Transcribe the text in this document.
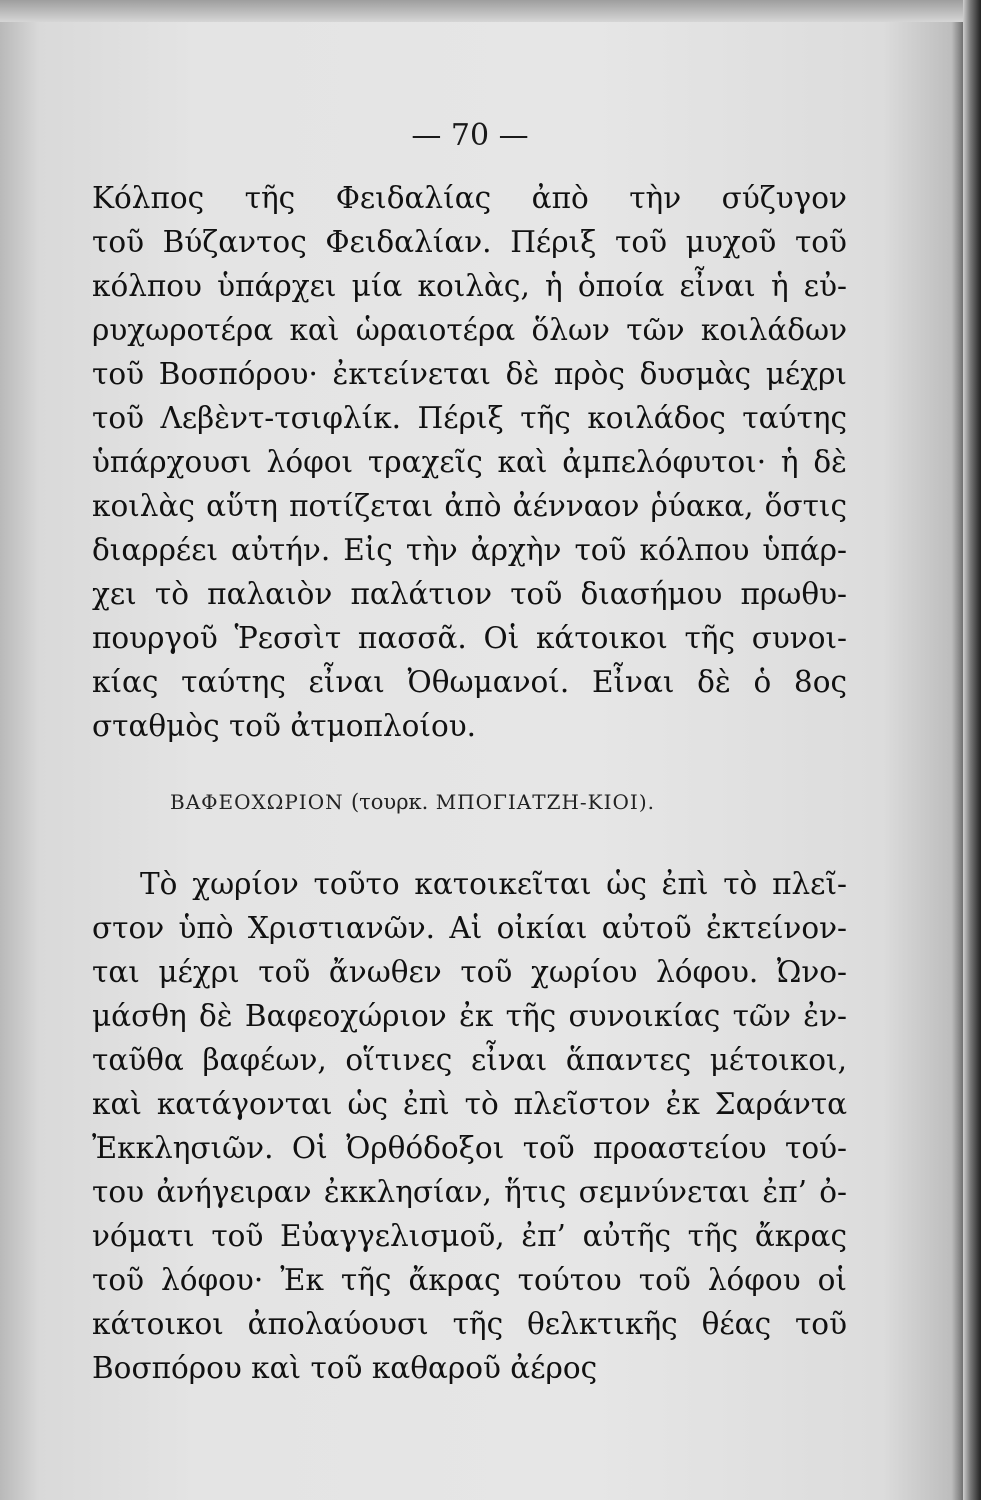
— 70 —
Κόλπος τῆς Φειδαλίας ἀπὸ τὴν σύζυγον
τοῦ Βύζαντος Φειδαλίαν. Πέριξ τοῦ μυχοῦ τοῦ
κόλπου ὑπάρχει μία κοιλὰς, ἡ ὁποία εἶναι ἡ εὐ-
ρυχωροτέρα καὶ ὡραιοτέρα ὅλων τῶν κοιλάδων
τοῦ Βοσπόρου· ἐκτείνεται δὲ πρὸς δυσμὰς μέχρι
τοῦ Λεβὲντ-τσιφλίκ. Πέριξ τῆς κοιλάδος ταύτης
ὑπάρχουσι λόφοι τραχεῖς καὶ ἀμπελόφυτοι· ἡ δὲ
κοιλὰς αὕτη ποτίζεται ἀπὸ ἀένναον ῥύακα, ὅστις
διαρρέει αὐτήν. Εἰς τὴν ἀρχὴν τοῦ κόλπου ὑπάρ-
χει τὸ παλαιὸν παλάτιον τοῦ διασήμου πρωθυ-
πουργοῦ Ῥεσσὶτ πασσᾶ. Οἱ κάτοικοι τῆς συνοι-
κίας ταύτης εἶναι Ὀθωμανοί. Εἶναι δὲ ὁ 8ος
σταθμὸς τοῦ ἀτμοπλοίου.
ΒΑΦΕΟΧΩΡΙΟΝ (τουρκ. ΜΠΟΓΙΑΤΖΗ-ΚΙΟΙ).
Τὸ χωρίον τοῦτο κατοικεῖται ὡς ἐπὶ τὸ πλεῖ-
στον ὑπὸ Χριστιανῶν. Αἱ οἰκίαι αὐτοῦ ἐκτείνον-
ται μέχρι τοῦ ἄνωθεν τοῦ χωρίου λόφου. Ὠνο-
μάσθη δὲ Βαφεοχώριον ἐκ τῆς συνοικίας τῶν ἐν-
ταῦθα βαφέων, οἵτινες εἶναι ἅπαντες μέτοικοι,
καὶ κατάγονται ὡς ἐπὶ τὸ πλεῖστον ἐκ Σαράντα
Ἐκκλησιῶν. Οἱ Ὀρθόδοξοι τοῦ προαστείου τού-
του ἀνήγειραν ἐκκλησίαν, ἥτις σεμνύνεται ἐπ’ ὀ-
νόματι τοῦ Εὐαγγελισμοῦ, ἐπ’ αὐτῆς τῆς ἄκρας
τοῦ λόφου· Ἐκ τῆς ἄκρας τούτου τοῦ λόφου οἱ
κάτοικοι ἀπολαύουσι τῆς θελκτικῆς θέας τοῦ
Βοσπόρου καὶ τοῦ καθαροῦ ἀέρος
